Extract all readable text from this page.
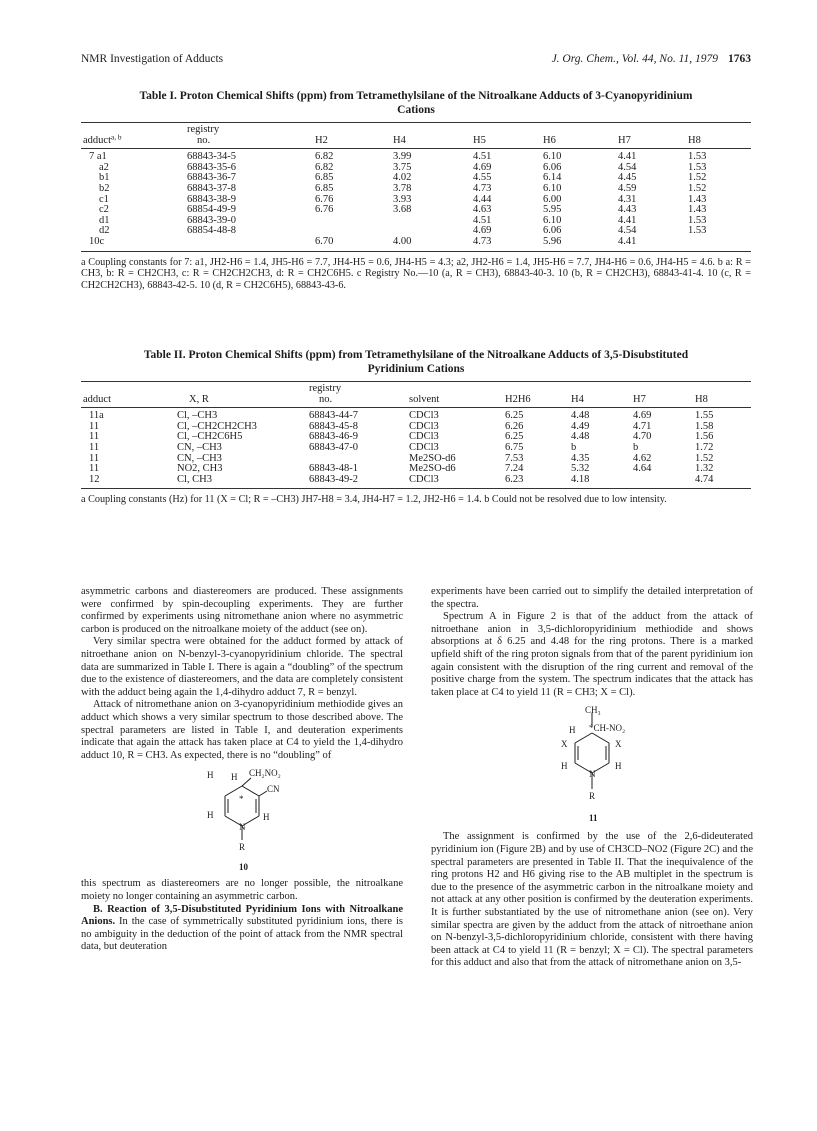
NMR Investigation of Adducts	J. Org. Chem., Vol. 44, No. 11, 1979 1763
Table I. Proton Chemical Shifts (ppm) from Tetramethylsilane of the Nitroalkane Adducts of 3-Cyanopyridinium Cations
	registry						
adduct$^{a, b}$	no.	H2	H4	H5	H6	H7	H8
7 a1	68843-34-5	6.82	3.99	4.51	6.10	4.41	1.53
a2	68843-35-6	6.82	3.75	4.69	6.06	4.54	1.53
b1	68843-36-7	6.85	4.02	4.55	6.14	4.45	1.52
b2	68843-37-8	6.85	3.78	4.73	6.10	4.59	1.52
c1	68843-38-9	6.76	3.93	4.44	6.00	4.31	1.43
c2	68854-49-9	6.76	3.68	4.63	5.95	4.43	1.43
d1	68843-39-0			4.51	6.10	4.41	1.53
d2	68854-48-8			4.69	6.06	4.54	1.53
10c		6.70	4.00	4.73	5.96	4.41	
a Coupling constants for 7: a1, JH2-H6 = 1.4, JH5-H6 = 7.7, JH4-H5 = 0.6, JH4-H5 = 4.3; a2, JH2-H6 = 1.4, JH5-H6 = 7.7, JH4-H6 = 0.6, JH4-H5 = 4.6. b a: R = CH3, b: R = CH2CH3, c: R = CH2CH2CH3, d: R = CH2C6H5. c Registry No.—10 (a, R = CH3), 68843-40-3. 10 (b, R = CH2CH3), 68843-41-4. 10 (c, R = CH2CH2CH3), 68843-42-5. 10 (d, R = CH2C6H5), 68843-43-6.
Table II. Proton Chemical Shifts (ppm) from Tetramethylsilane of the Nitroalkane Adducts of 3,5-Disubstituted Pyridinium Cations
		registry					
adduct	X, R	no.	solvent	H2H6	H4	H7	H8
11a	Cl, –CH3	68843-44-7	CDCl3	6.25	4.48	4.69	1.55
11	Cl, –CH2CH2CH3	68843-45-8	CDCl3	6.26	4.49	4.71	1.58
11	Cl, –CH2C6H5	68843-46-9	CDCl3	6.25	4.48	4.70	1.56
11	CN, –CH3	68843-47-0	CDCl3	6.75	b	b	1.72
11	CN, –CH3		Me2SO-d6	7.53	4.35	4.62	1.52
11	NO2, CH3	68843-48-1	Me2SO-d6	7.24	5.32	4.64	1.32
12	Cl, CH3	68843-49-2	CDCl3	6.23	4.18		4.74
a Coupling constants (Hz) for 11 (X = Cl; R = –CH3) JH7-H8 = 3.4, JH4-H7 = 1.2, JH2-H6 = 1.4. b Could not be resolved due to low intensity.

asymmetric carbons and diastereomers are produced. These assignments were confirmed by spin-decoupling experiments. They are further confirmed by experiments using nitromethane anion where no asymmetric carbon is produced on the nitroalkane moiety of the adduct (see on).

Very similar spectra were obtained for the adduct formed by attack of nitroethane anion on N-benzyl-3-cyanopyridinium chloride. The spectral data are summarized in Table I. There is again a “doubling” of the spectrum due to the existence of diastereomers, and the data are completely consistent with the adduct being again the 1,4-dihydro adduct 7, R = benzyl.

Attack of nitromethane anion on 3-cyanopyridinium methiodide gives an adduct which shows a very similar spectrum to those described above. The spectral parameters are listed in Table I, and deuteration experiments indicate that again the attack has taken place at C4 to yield the 1,4-dihydro adduct 10, R = CH3. As expected, there is no “doubling” of

H H CH₂NO₂
CN
*
H
N
H
R
10

this spectrum as diastereomers are no longer possible, the nitroalkane moiety no longer containing an asymmetric carbon.

B. Reaction of 3,5-Disubstituted Pyridinium Ions with Nitroalkane Anions. In the case of symmetrically substituted pyridinium ions, there is no ambiguity in the deduction of the point of attack from the NMR spectral data, but deuteration

experiments have been carried out to simplify the detailed interpretation of the spectra.

Spectrum A in Figure 2 is that of the adduct from the attack of nitroethane anion in 3,5-dichloropyridinium methiodide and shows absorptions at δ 6.25 and 4.48 for the ring protons. There is a marked upfield shift of the ring proton signals from that of the parent pyridinium ion again consistent with the disruption of the ring current and removal of the positive charge from the system. The spectrum indicates that the attack has taken place at C4 to yield 11 (R = CH3; X = Cl).

CH₃
H *CH-NO₂
X	X
H
N
H
R
11

The assignment is confirmed by the use of the 2,6-dideuterated pyridinium ion (Figure 2B) and by use of CH3CD–NO2 (Figure 2C) and the spectral parameters are presented in Table II. That the inequivalence of the ring protons H2 and H6 giving rise to the AB multiplet in the spectrum is due to the presence of the asymmetric carbon in the nitroalkane moiety and not attack at any other position is confirmed by the deuteration experiments. It is further substantiated by the use of nitromethane anion (see on). Very similar spectra are given by the adduct from the attack of nitroethane anion on N-benzyl-3,5-dichloropyridinium chloride, consistent with there having been attack at C4 to yield 11 (R = benzyl; X = Cl). The spectral parameters for this adduct and also that from the attack of nitromethane anion on 3,5-
